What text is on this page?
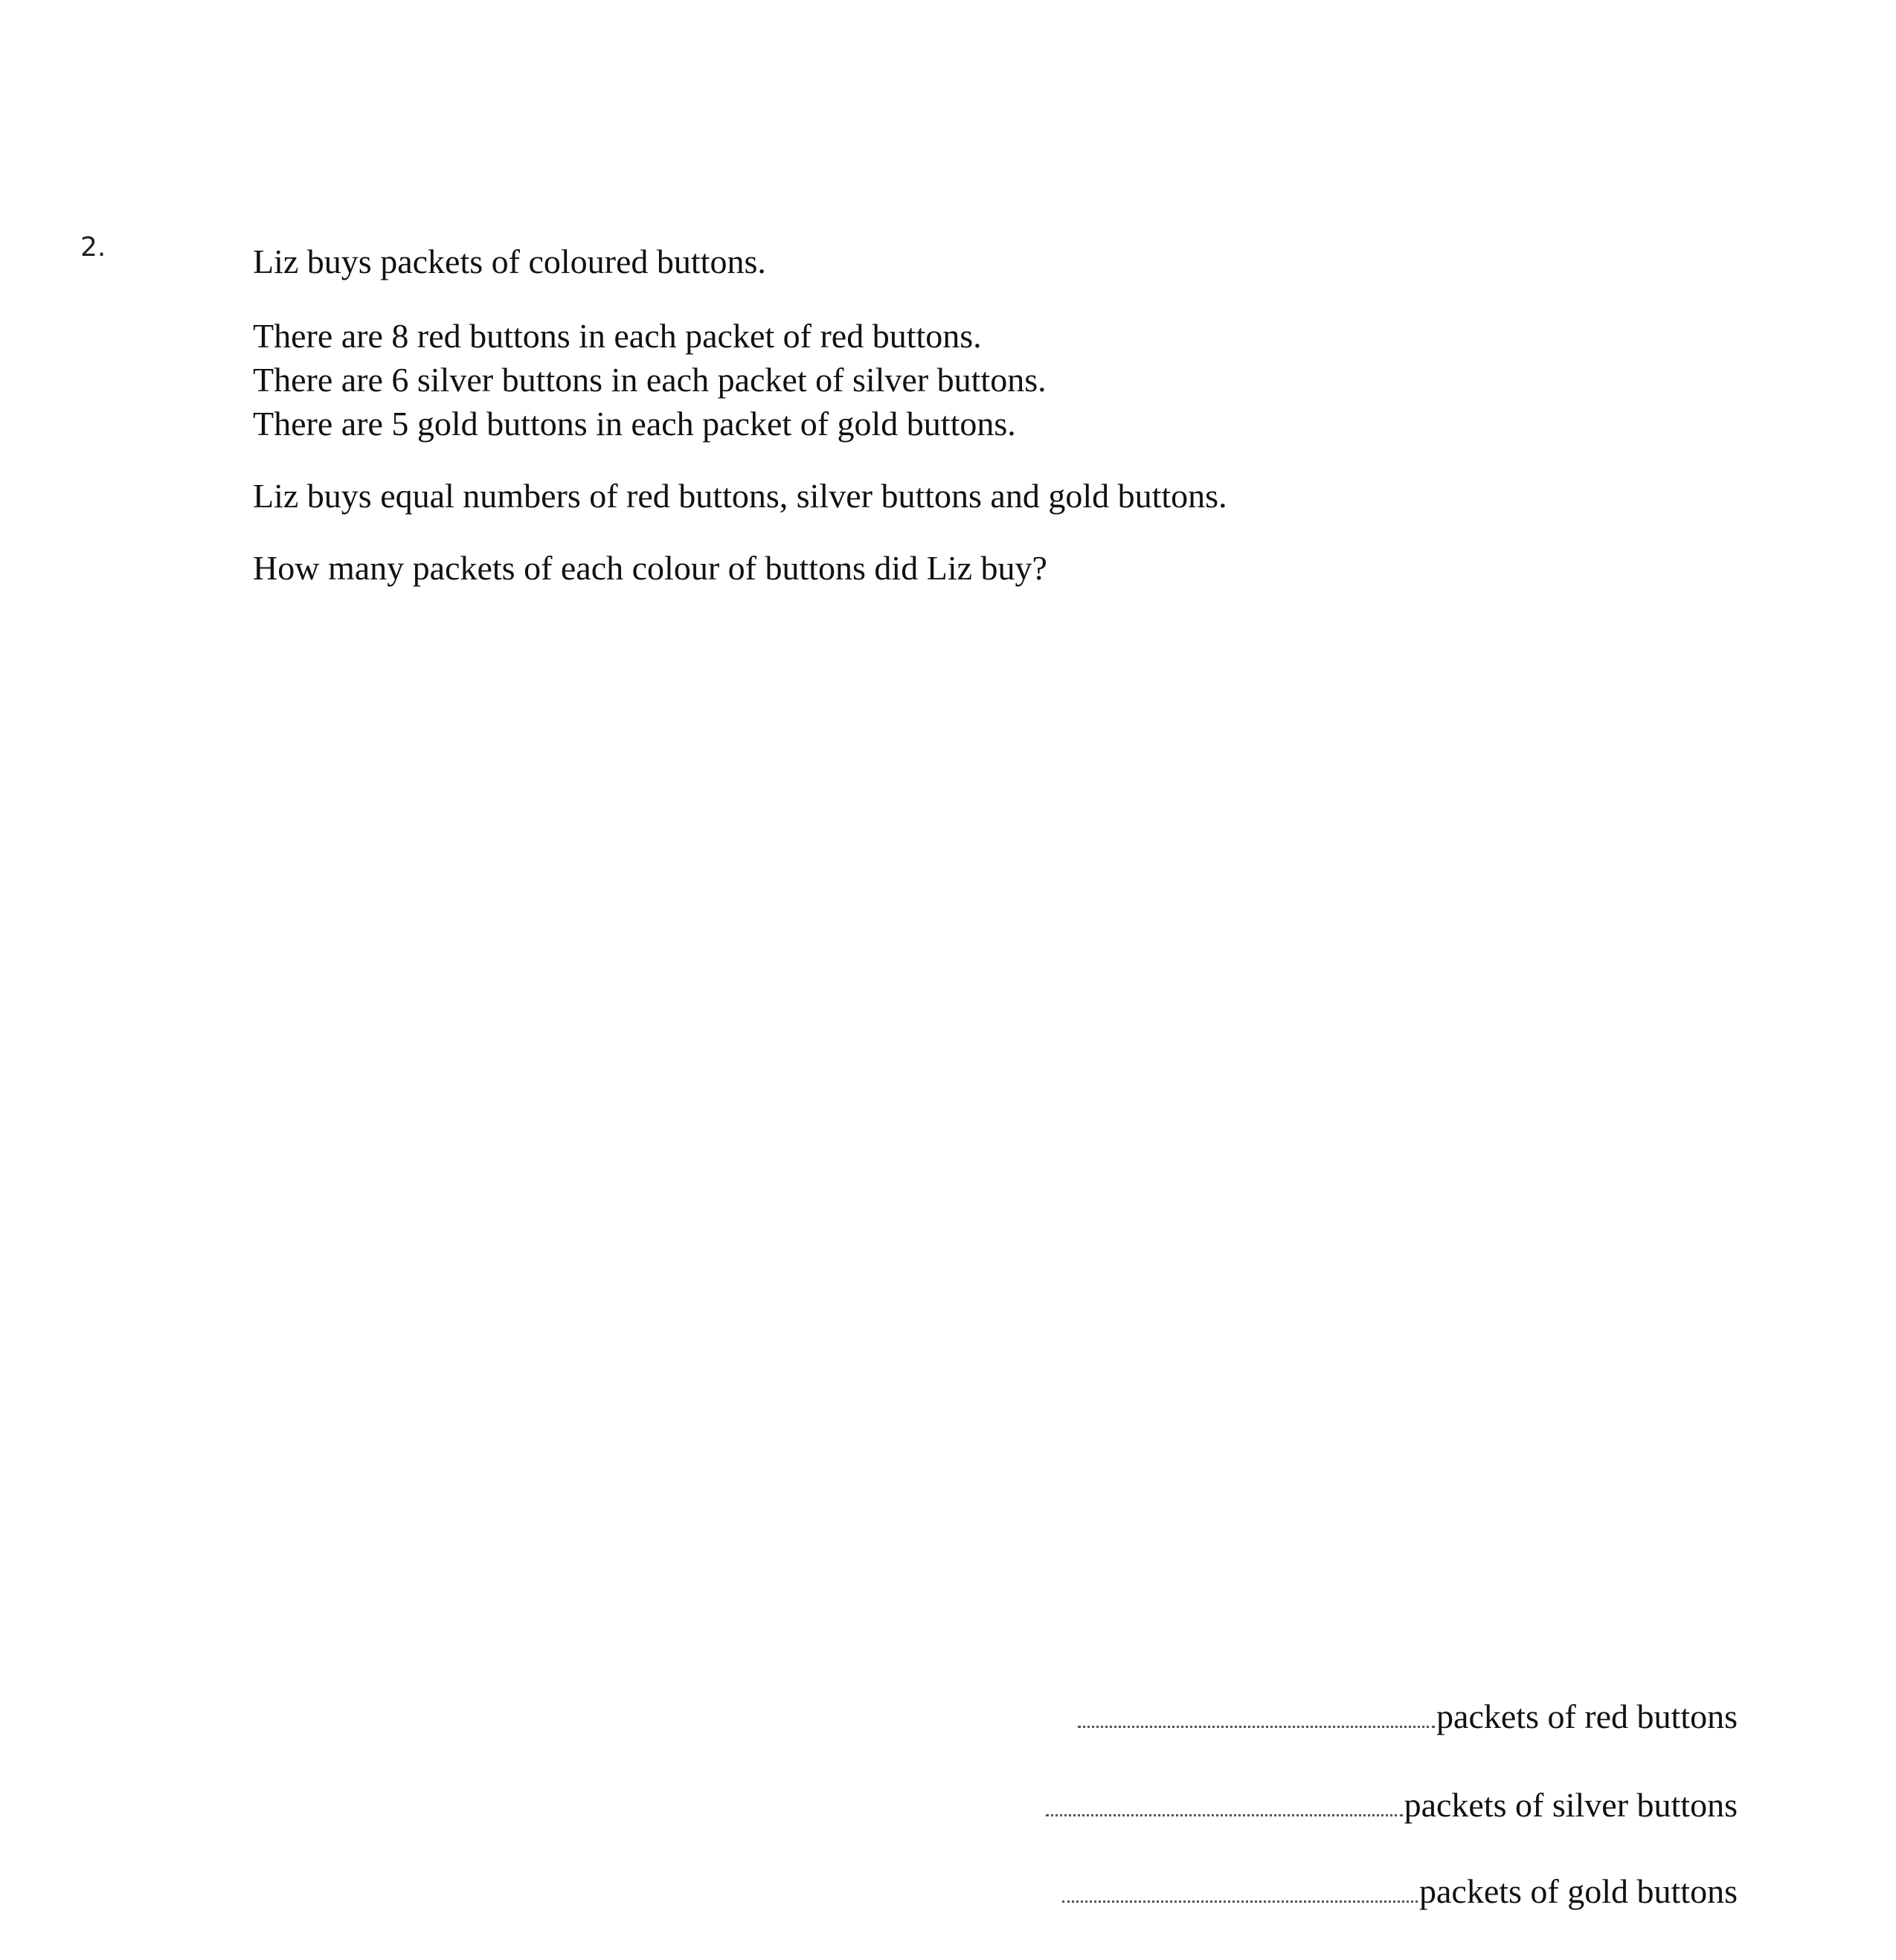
2.	Liz buys packets of coloured buttons.
There are 8 red buttons in each packet of red buttons.
There are 6 silver buttons in each packet of silver buttons.
There are 5 gold buttons in each packet of gold buttons.
Liz buys equal numbers of red buttons, silver buttons and gold buttons.
How many packets of each colour of buttons did Liz buy?
packets of red buttons
packets of silver buttons
packets of gold buttons
